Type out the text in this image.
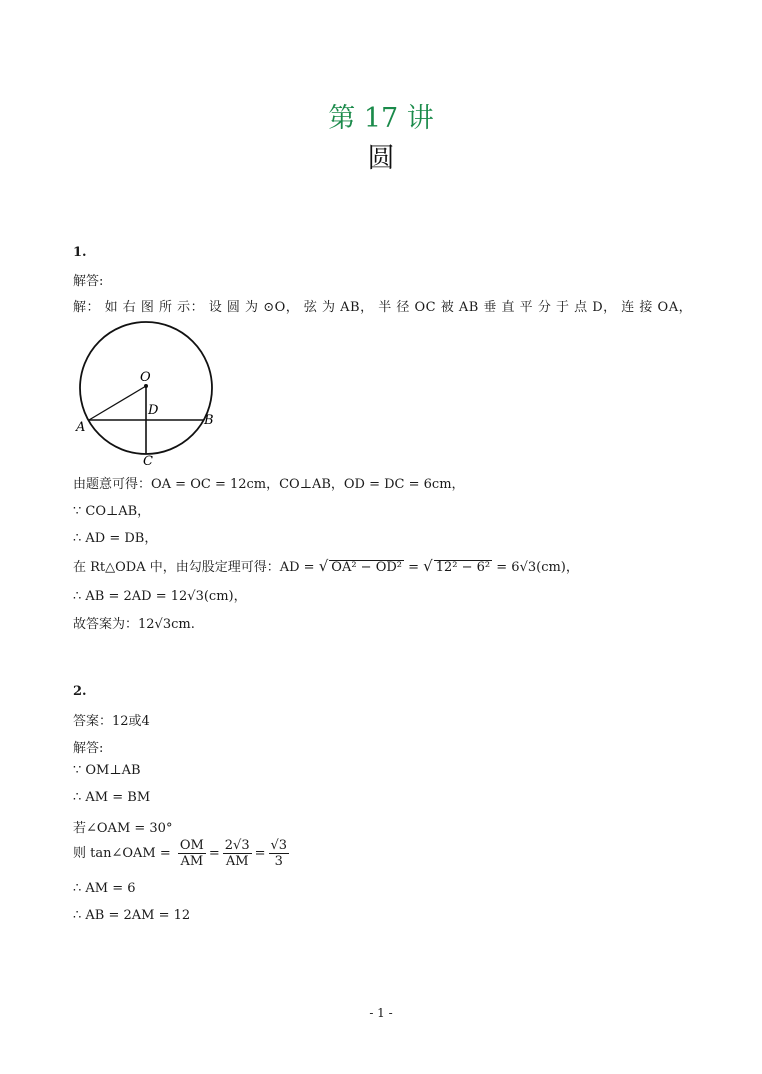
第 17 讲
圆
1.
解答:
解： 如 右 图 所 示： 设 圆 为 ⊙O， 弦 为 AB， 半 径 OC 被 AB 垂 直 平 分 于 点 D， 连 接 OA，
O
D
A	B
C
由题意可得：OA = OC = 12cm，CO⊥AB，OD = DC = 6cm，
∵ CO⊥AB，
∴ AD = DB，
在 Rt△ODA 中，由勾股定理可得：AD = √ OA² − OD² = √ 12² − 6² = 6√3(cm)，
∴ AB = 2AD = 12√3(cm)，
故答案为：12√3cm.
2.
答案：12或4
解答:
∵ OM⊥AB
∴ AM = BM
若∠OAM = 30°
则 tan∠OAM = $\frac{OM}{AM} = \frac{2√3}{AM} = \frac{√3}{3}$
∴ AM = 6
∴ AB = 2AM = 12
- 1 -
